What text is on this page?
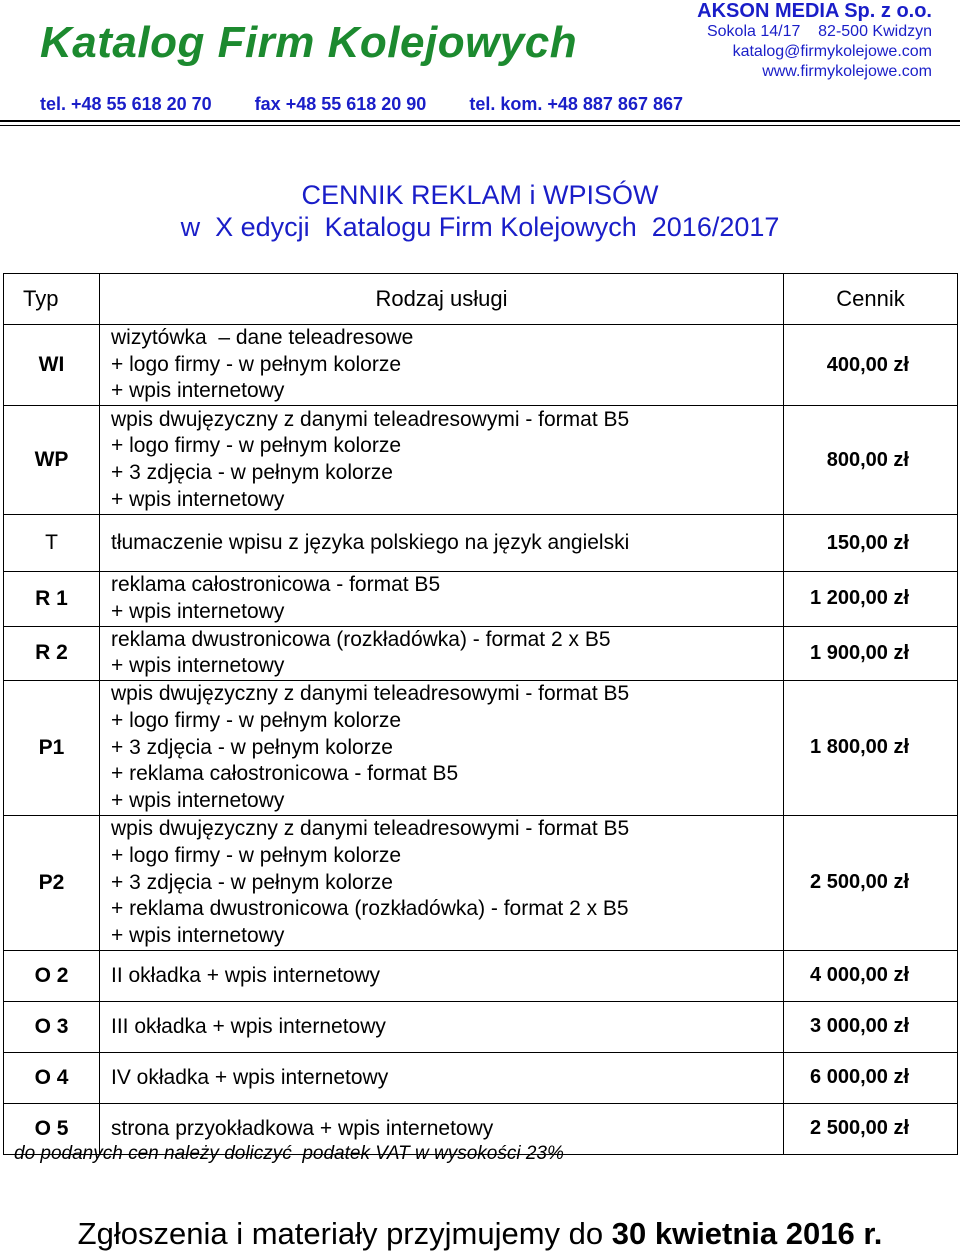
Katalog Firm Kolejowych
AKSON MEDIA Sp. z o.o.
Sokola 14/17    82-500 Kwidzyn
katalog@firmykolejowe.com
www.firmykolejowe.com
tel. +48 55 618 20 70 fax +48 55 618 20 90 tel. kom. +48 887 867 867
CENNIK REKLAM i WPISÓW
w  X edycji  Katalogu Firm Kolejowych  2016/2017
Typ	Rodzaj usługi	Cennik
WI	wizytówka  – dane teleadresowe
+ logo firmy - w pełnym kolorze
+ wpis internetowy	400,00 zł
WP	wpis dwujęzyczny z danymi teleadresowymi - format B5
+ logo firmy - w pełnym kolorze
+ 3 zdjęcia - w pełnym kolorze
+ wpis internetowy	800,00 zł
T	tłumaczenie wpisu z języka polskiego na język angielski	150,00 zł
R 1	reklama całostronicowa - format B5
+ wpis internetowy	1 200,00 zł
R 2	reklama dwustronicowa (rozkładówka) - format 2 x B5
+ wpis internetowy	1 900,00 zł
P1	wpis dwujęzyczny z danymi teleadresowymi - format B5
+ logo firmy - w pełnym kolorze
+ 3 zdjęcia - w pełnym kolorze
+ reklama całostronicowa - format B5
+ wpis internetowy	1 800,00 zł
P2	wpis dwujęzyczny z danymi teleadresowymi - format B5
+ logo firmy - w pełnym kolorze
+ 3 zdjęcia - w pełnym kolorze
+ reklama dwustronicowa (rozkładówka) - format 2 x B5
+ wpis internetowy	2 500,00 zł
O 2	II okładka + wpis internetowy	4 000,00 zł
O 3	III okładka + wpis internetowy	3 000,00 zł
O 4	IV okładka + wpis internetowy	6 000,00 zł
O 5	strona przyokładkowa + wpis internetowy	2 500,00 zł
do podanych cen należy doliczyć  podatek VAT w wysokości 23%
Zgłoszenia i materiały przyjmujemy do 30 kwietnia 2016 r.
